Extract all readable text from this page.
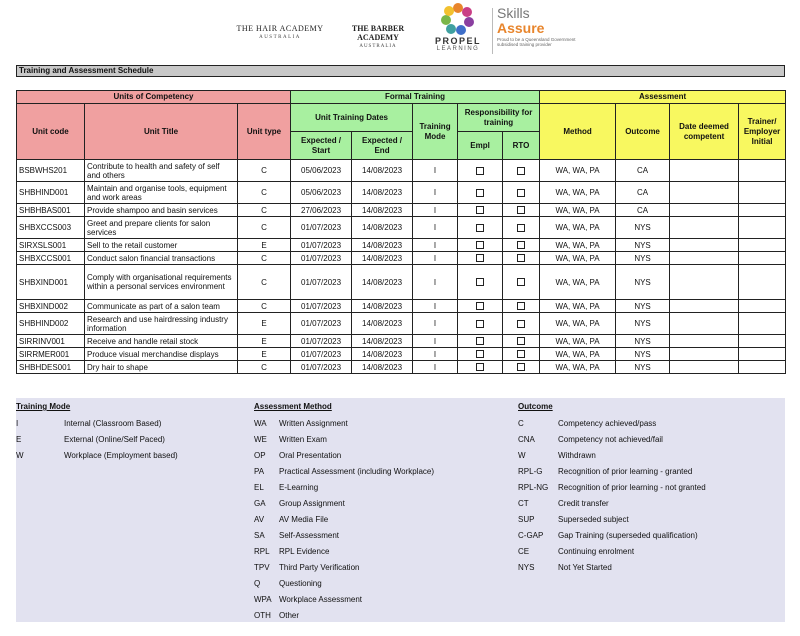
THE HAIR ACADEMY
AUSTRALIA
THE BARBER ACADEMY
AUSTRALIA
PROPEL
LEARNING
Skills
Assure
Proud to be a Queensland Government subsidised training provider
Training and Assessment Schedule
Units of Competency			Formal Training					Assessment			
Unit code	Unit Title	Unit type	Unit Training Dates		Training Mode	Responsibility for training		Method	Outcome	Date deemed competent	Trainer/ Employer Initial
			Expected / Start	Expected / End		Empl	RTO				

BSBWHS201	Contribute to health and safety of self and others	C	05/06/2023	14/08/2023	I			WA, WA, PA	CA		
SHBHIND001	Maintain and organise tools, equipment and work areas	C	05/06/2023	14/08/2023	I			WA, WA, PA	CA		
SHBHBAS001	Provide shampoo and basin services	C	27/06/2023	14/08/2023	I			WA, WA, PA	CA		
SHBXCCS003	Greet and prepare clients for salon services	C	01/07/2023	14/08/2023	I			WA, WA, PA	NYS		
SIRXSLS001	Sell to the retail customer	E	01/07/2023	14/08/2023	I			WA, WA, PA	NYS		
SHBXCCS001	Conduct salon financial transactions	C	01/07/2023	14/08/2023	I			WA, WA, PA	NYS		
SHBXIND001	Comply with organisational requirements within a personal services environment	C	01/07/2023	14/08/2023	I			WA, WA, PA	NYS		
SHBXIND002	Communicate as part of a salon team	C	01/07/2023	14/08/2023	I			WA, WA, PA	NYS		
SHBHIND002	Research and use hairdressing industry information	E	01/07/2023	14/08/2023	I			WA, WA, PA	NYS		
SIRRINV001	Receive and handle retail stock	E	01/07/2023	14/08/2023	I			WA, WA, PA	NYS		
SIRRMER001	Produce visual merchandise displays	E	01/07/2023	14/08/2023	I			WA, WA, PA	NYS		
SHBHDES001	Dry hair to shape	C	01/07/2023	14/08/2023	I			WA, WA, PA	NYS		
Training Mode
I	Internal (Classroom Based)
E	External (Online/Self Paced)
W	Workplace (Employment based)
Assessment Method
WA Written Assignment
WE Written Exam
OP Oral Presentation
PA Practical Assessment (including Workplace)
EL E-Learning
GA Group Assignment
AV AV Media File
SA Self-Assessment
RPL RPL Evidence
TPV Third Party Verification
Q Questioning
WPA Workplace Assessment
OTH Other
Outcome
C	Competency achieved/pass
CNA	Competency not achieved/fail
W	Withdrawn
RPL-G Recognition of prior learning - granted
RPL-NG Recognition of prior learning - not granted
CT	Credit transfer
SUP	Superseded subject
C-GAP Gap Training (superseded qualification)
CE	Continuing enrolment
NYS	Not Yet Started
